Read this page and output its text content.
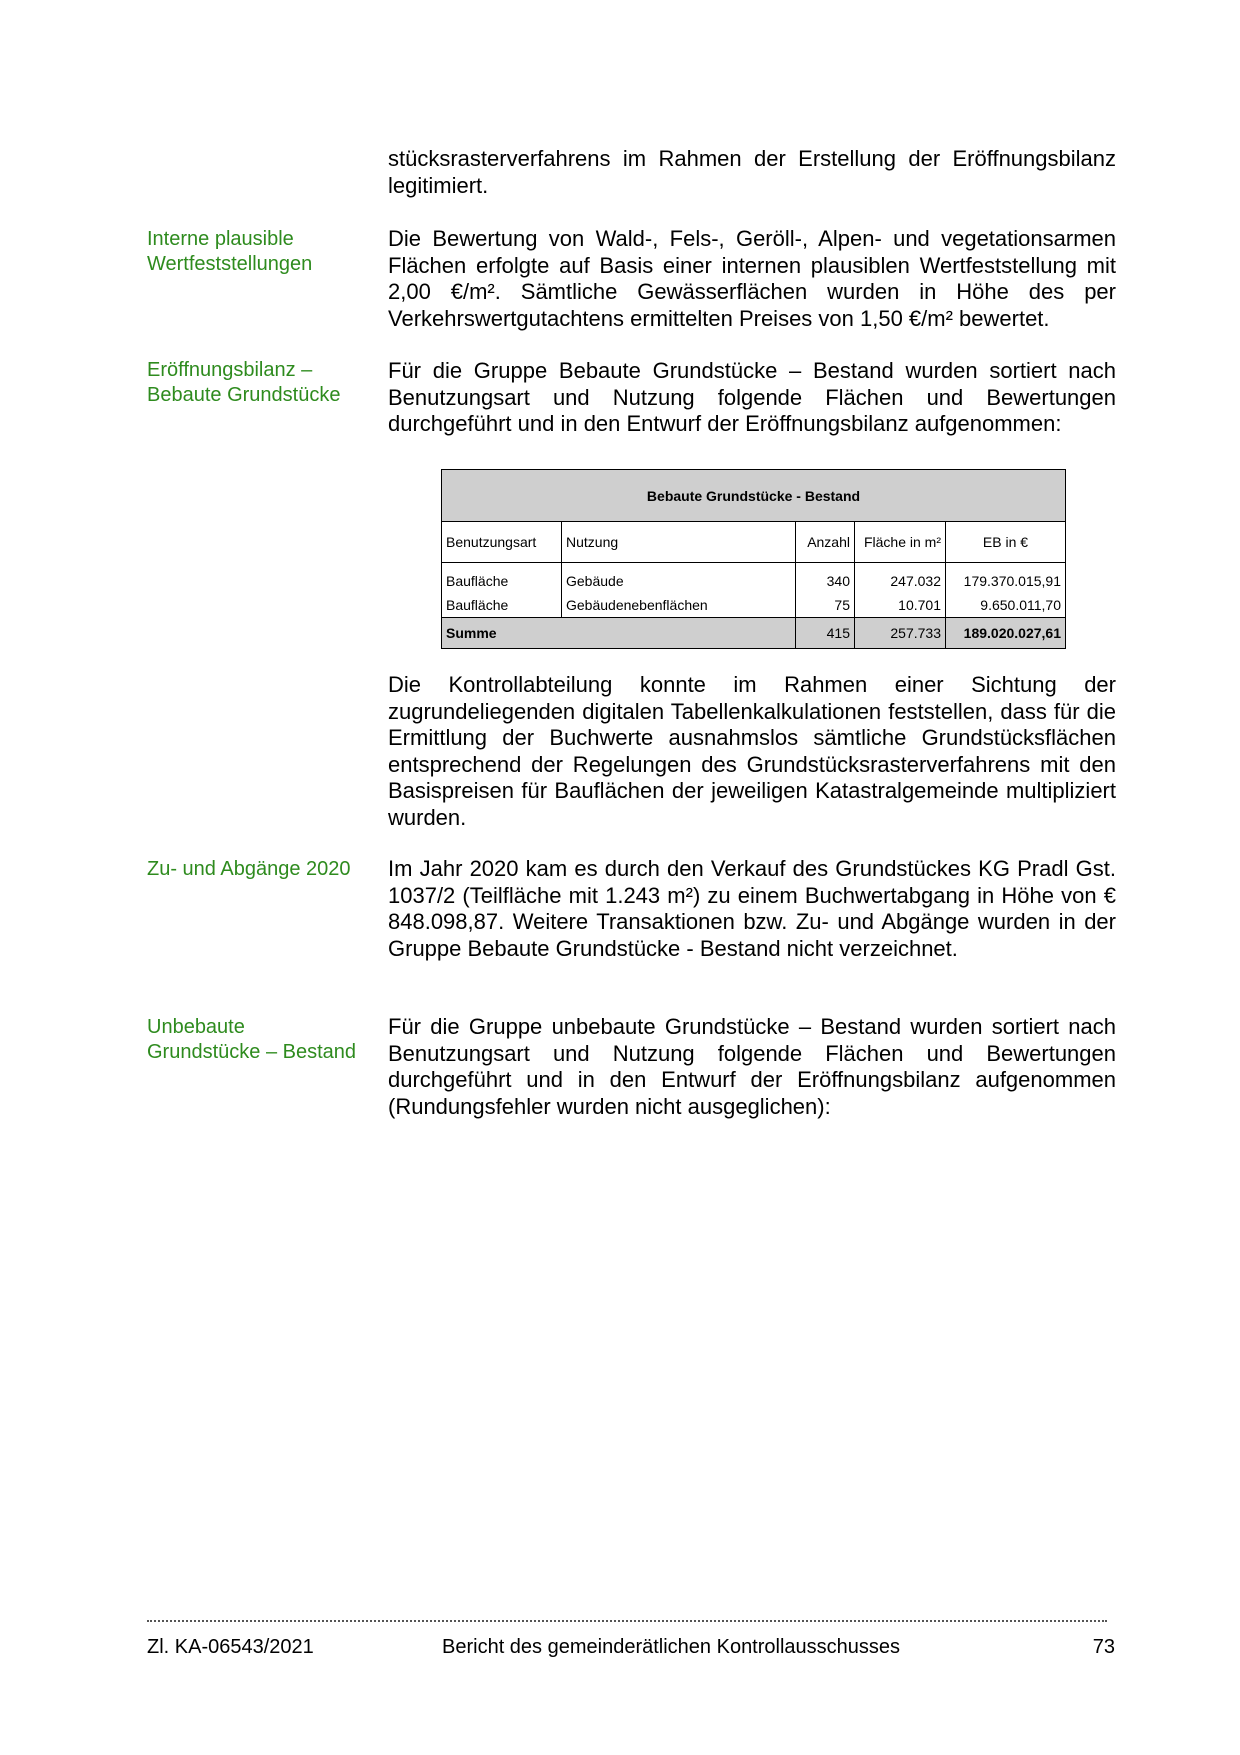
stücksrasterverfahrens im Rahmen der Erstellung der Eröffnungsbilanz legitimiert.

Interne plausible
Wertfeststellungen

Die Bewertung von Wald-, Fels-, Geröll-, Alpen- und vegetationsarmen Flächen erfolgte auf Basis einer internen plausiblen Wertfeststellung mit 2,00 €/m². Sämtliche Gewässerflächen wurden in Höhe des per Verkehrswertgutachtens ermittelten Preises von 1,50 €/m² bewertet.

Eröffnungsbilanz –
Bebaute Grundstücke

Für die Gruppe Bebaute Grundstücke – Bestand wurden sortiert nach Benutzungsart und Nutzung folgende Flächen und Bewertungen durchgeführt und in den Entwurf der Eröffnungsbilanz aufgenommen:

Bebaute Grundstücke - Bestand				
Benutzungsart	Nutzung	Anzahl	Fläche in m²	EB in €
Baufläche	Gebäude	340	247.032	179.370.015,91
Baufläche	Gebäudenebenflächen	75	10.701	9.650.011,70
Summe		415	257.733	189.020.027,61

Die Kontrollabteilung konnte im Rahmen einer Sichtung der zugrundeliegenden digitalen Tabellenkalkulationen feststellen, dass für die Ermittlung der Buchwerte ausnahmslos sämtliche Grundstücksflächen entsprechend der Regelungen des Grundstücksrasterverfahrens mit den Basispreisen für Bauflächen der jeweiligen Katastralgemeinde multipliziert wurden.

Zu- und Abgänge 2020	Im Jahr 2020 kam es durch den Verkauf des Grundstückes KG Pradl Gst. 1037/2 (Teilfläche mit 1.243 m²) zu einem Buchwertabgang in Höhe von € 848.098,87. Weitere Transaktionen bzw. Zu- und Abgänge wurden in der Gruppe Bebaute Grundstücke - Bestand nicht verzeichnet.

Unbebaute
Grundstücke – Bestand

Für die Gruppe unbebaute Grundstücke – Bestand wurden sortiert nach Benutzungsart und Nutzung folgende Flächen und Bewertungen durchgeführt und in den Entwurf der Eröffnungsbilanz aufgenommen (Rundungsfehler wurden nicht ausgeglichen):

Zl. KA-06543/2021	Bericht des gemeinderätlichen Kontrollausschusses	73
